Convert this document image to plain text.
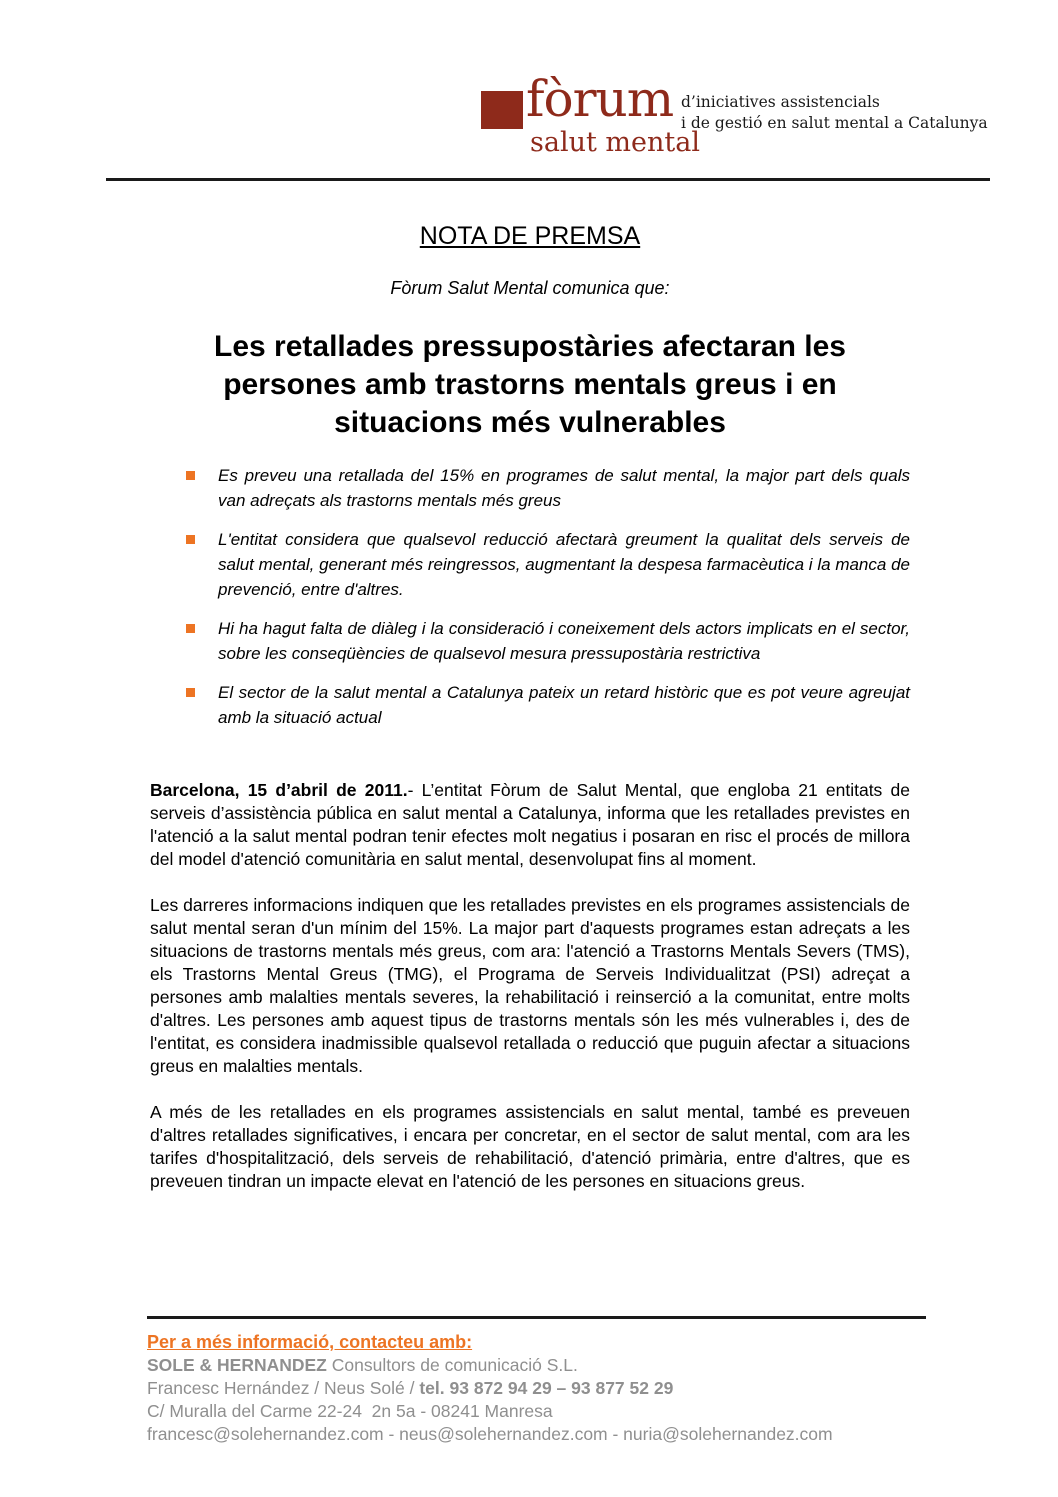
fòrum
salut mental
d’iniciatives assistencials
i de gestió en salut mental a Catalunya
NOTA DE PREMSA
Fòrum Salut Mental comunica que:
Les retallades pressupostàries afectaran les
persones amb trastorns mentals greus i en
situacions més vulnerables
Es preveu una retallada del 15% en programes de salut mental, la major part dels quals van adreçats als trastorns mentals més greus
L'entitat considera que qualsevol reducció afectarà greument la qualitat dels serveis de salut mental, generant més reingressos, augmentant la despesa farmacèutica i la manca de prevenció, entre d'altres.
Hi ha hagut falta de diàleg i la consideració i coneixement dels actors implicats en el sector, sobre les conseqüències de qualsevol mesura pressupostària restrictiva
El sector de la salut mental a Catalunya pateix un retard històric que es pot veure agreujat amb la situació actual

Barcelona, 15 d’abril de 2011.- L’entitat Fòrum de Salut Mental, que engloba 21 entitats de serveis d’assistència pública en salut mental a Catalunya, informa que les retallades previstes en l'atenció a la salut mental podran tenir efectes molt negatius i posaran en risc el procés de millora del model d'atenció comunitària en salut mental, desenvolupat fins al moment.

Les darreres informacions indiquen que les retallades previstes en els programes assistencials de salut mental seran d'un mínim del 15%. La major part d'aquests programes estan adreçats a les situacions de trastorns mentals més greus, com ara: l'atenció a Trastorns Mentals Severs (TMS), els Trastorns Mental Greus (TMG), el Programa de Serveis Individualitzat (PSI) adreçat a persones amb malalties mentals severes, la rehabilitació i reinserció a la comunitat, entre molts d'altres. Les persones amb aquest tipus de trastorns mentals són les més vulnerables i, des de l'entitat, es considera inadmissible qualsevol retallada o reducció que puguin afectar a situacions greus en malalties mentals.

A més de les retallades en els programes assistencials en salut mental, també es preveuen d'altres retallades significatives, i encara per concretar, en el sector de salut mental, com ara les tarifes d'hospitalització, dels serveis de rehabilitació, d'atenció primària, entre d'altres, que es preveuen tindran un impacte elevat en l'atenció de les persones en situacions greus.

Per a més informació, contacteu amb:
SOLE & HERNANDEZ Consultors de comunicació S.L.
Francesc Hernández / Neus Solé / tel. 93 872 94 29 – 93 877 52 29
C/ Muralla del Carme 22-24  2n 5a - 08241 Manresa
francesc@solehernandez.com - neus@solehernandez.com - nuria@solehernandez.com
